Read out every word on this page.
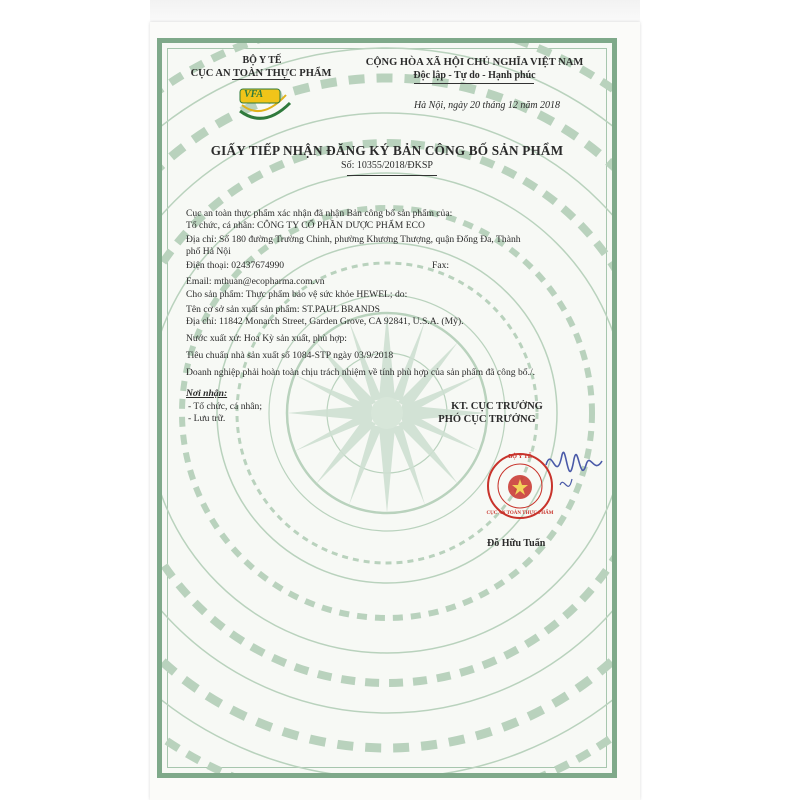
BỘ Y TẾ
CỤC AN TOÀN THỰC PHẨM
VFA
CỘNG HÒA XÃ HỘI CHỦ NGHĨA VIỆT NAM
Độc lập - Tự do - Hạnh phúc
Hà Nội, ngày 20 tháng 12 năm 2018
GIẤY TIẾP NHẬN ĐĂNG KÝ BẢN CÔNG BỐ SẢN PHẨM
Số: 10355/2018/ĐKSP
Cục an toàn thực phẩm xác nhận đã nhận Bản công bố sản phẩm của:
Tổ chức, cá nhân: CÔNG TY CỔ PHẦN DƯỢC PHẨM ECO
Địa chỉ: Số 180 đường Trường Chinh, phường Khương Thượng, quận Đống Đa, Thành
phố Hà Nội
Điện thoại: 02437674990	Fax:
Email: mthuan@ecopharma.com.vn
Cho sản phẩm: Thực phẩm bảo vệ sức khỏe HEWEL; do:
Tên cơ sở sản xuất sản phẩm: ST.PAUL BRANDS
Địa chỉ: 11842 Monarch Street, Garden Grove, CA 92841, U.S.A. (Mỹ).
Nước xuất xứ: Hoa Kỳ sản xuất, phù hợp:
Tiêu chuẩn nhà sản xuất số 1084-STP ngày 03/9/2018
Doanh nghiệp phải hoàn toàn chịu trách nhiệm về tính phù hợp của sản phẩm đã công bố./.
Nơi nhận:
- Tổ chức, cá nhân;
- Lưu trữ.
KT. CỤC TRƯỞNG
PHÓ CỤC TRƯỞNG
BỘ Y TẾ
CỤC AN TOÀN THỰC PHẨM
Đỗ Hữu Tuấn
